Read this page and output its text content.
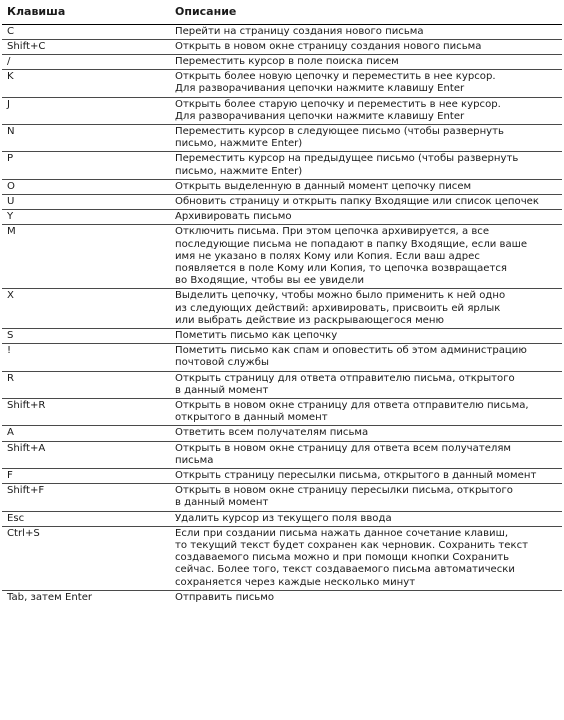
Клавиша	Описание
C	Перейти на страницу создания нового письма
Shift+C	Открыть в новом окне страницу создания нового письма
/	Переместить курсор в поле поиска писем
K	Открыть более новую цепочку и переместить в нее курсор.
Для разворачивания цепочки нажмите клавишу Enter
J	Открыть более старую цепочку и переместить в нее курсор.
Для разворачивания цепочки нажмите клавишу Enter
N	Переместить курсор в следующее письмо (чтобы развернуть
письмо, нажмите Enter)
P	Переместить курсор на предыдущее письмо (чтобы развернуть
письмо, нажмите Enter)
O	Открыть выделенную в данный момент цепочку писем
U	Обновить страницу и открыть папку Входящие или список цепочек
Y	Архивировать письмо
M	Отключить письма. При этом цепочка архивируется, а все
последующие письма не попадают в папку Входящие, если ваше
имя не указано в полях Кому или Копия. Если ваш адрес
появляется в поле Кому или Копия, то цепочка возвращается
во Входящие, чтобы вы ее увидели
X	Выделить цепочку, чтобы можно было применить к ней одно
из следующих действий: архивировать, присвоить ей ярлык
или выбрать действие из раскрывающегося меню
S	Пометить письмо как цепочку
!	Пометить письмо как спам и оповестить об этом администрацию
почтовой службы
R	Открыть страницу для ответа отправителю письма, открытого
в данный момент
Shift+R	Открыть в новом окне страницу для ответа отправителю письма,
открытого в данный момент
A	Ответить всем получателям письма
Shift+A	Открыть в новом окне страницу для ответа всем получателям
письма
F	Открыть страницу пересылки письма, открытого в данный момент
Shift+F	Открыть в новом окне страницу пересылки письма, открытого
в данный момент
Esc	Удалить курсор из текущего поля ввода
Ctrl+S	Если при создании письма нажать данное сочетание клавиш,
то текущий текст будет сохранен как черновик. Сохранить текст
создаваемого письма можно и при помощи кнопки Сохранить
сейчас. Более того, текст создаваемого письма автоматически
сохраняется через каждые несколько минут
Tab, затем Enter	Отправить письмо
